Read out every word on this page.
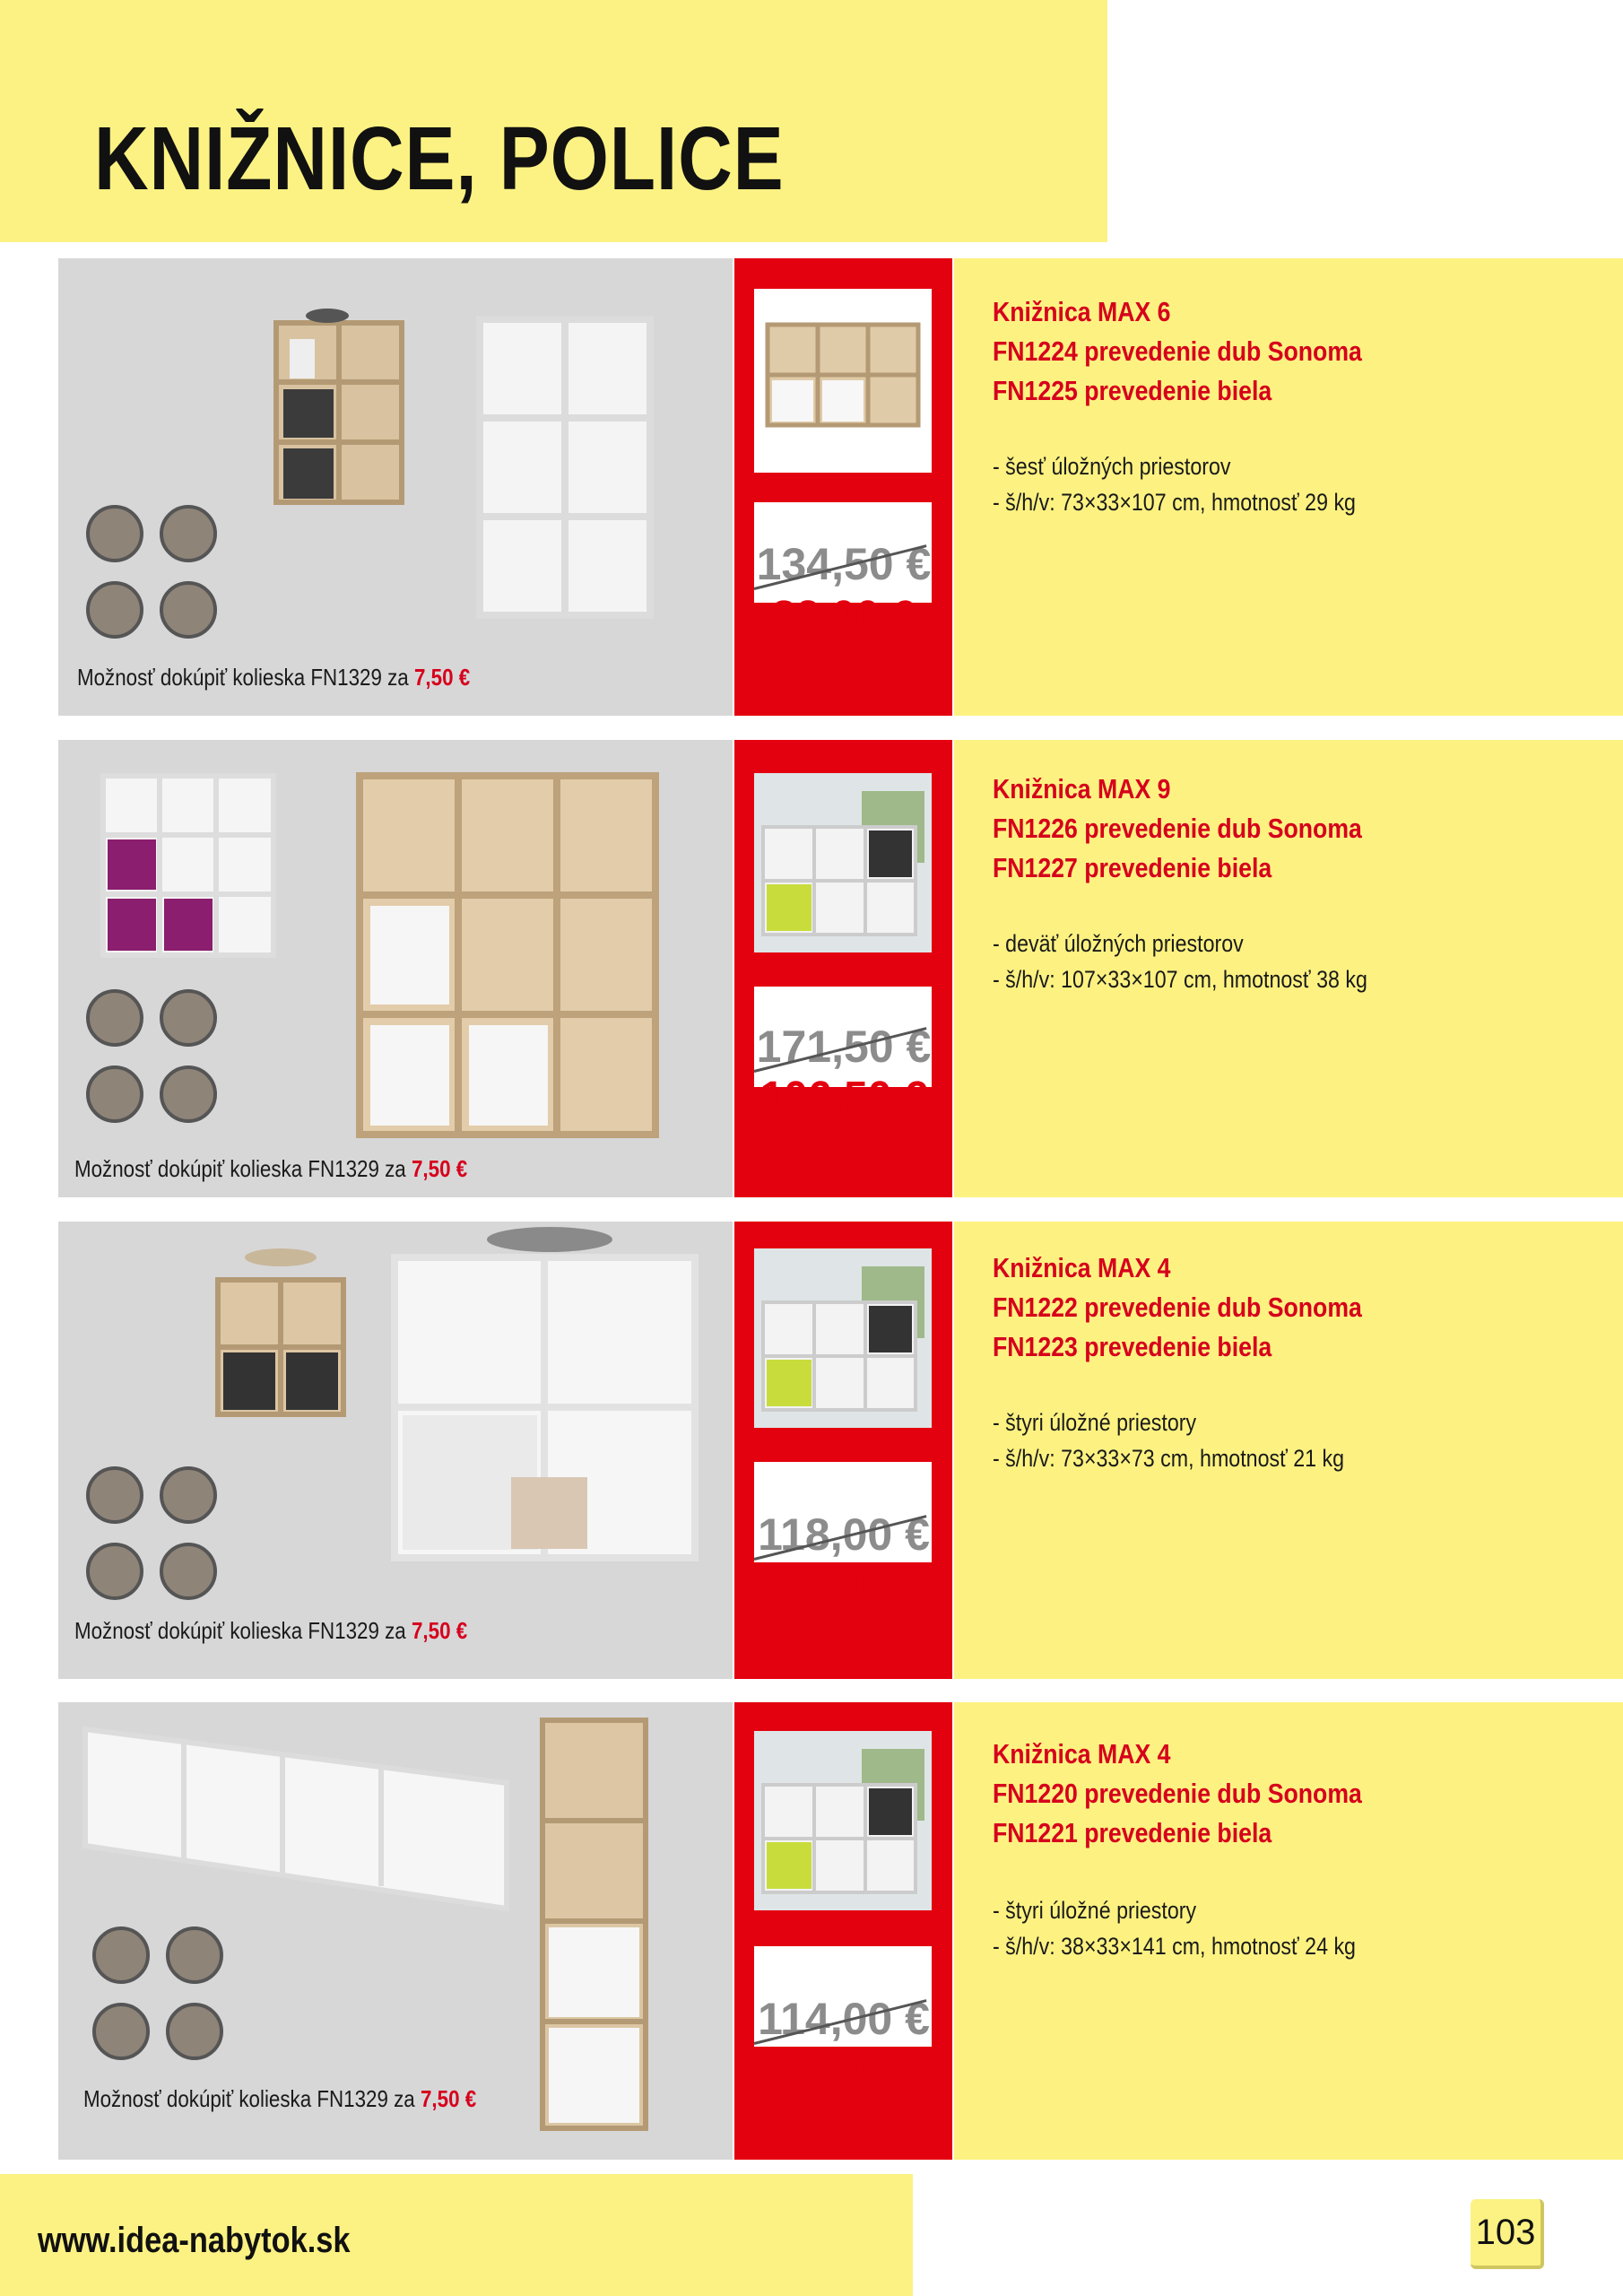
KNIŽNICE, POLICE
Možnosť dokúpiť kolieska FN1329 za 7,50 €
134,50 €
82,00 €
Knižnica MAX 6
FN1224 prevedenie dub Sonoma
FN1225 prevedenie biela
- šesť úložných priestorov
- š/h/v: 73×33×107 cm, hmotnosť 29 kg
Možnosť dokúpiť kolieska FN1329 za 7,50 €
171,50 €
106,50 €
Knižnica MAX 9
FN1226 prevedenie dub Sonoma
FN1227 prevedenie biela
- deväť úložných priestorov
- š/h/v: 107×33×107 cm, hmotnosť 38 kg
Možnosť dokúpiť kolieska FN1329 za 7,50 €
118,00 €
63,50 €
Knižnica MAX 4
FN1222 prevedenie dub Sonoma
FN1223 prevedenie biela
- štyri úložné priestory
- š/h/v: 73×33×73 cm, hmotnosť 21 kg
Možnosť dokúpiť kolieska FN1329 za 7,50 €
114,00 €
67,50 €
Knižnica MAX 4
FN1220 prevedenie dub Sonoma
FN1221 prevedenie biela
- štyri úložné priestory
- š/h/v: 38×33×141 cm, hmotnosť 24 kg
www.idea-nabytok.sk	103
